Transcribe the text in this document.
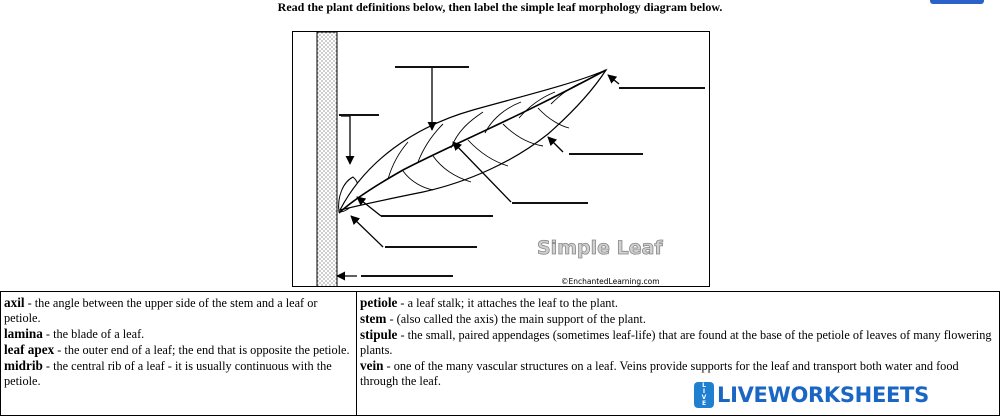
Read the plant definitions below, then label the simple leaf morphology diagram below.
Simple Leaf
©EnchantedLearning.com
axil - the angle between the upper side of the stem and a leaf or petiole.
lamina - the blade of a leaf.
leaf apex - the outer end of a leaf; the end that is opposite the petiole.
midrib - the central rib of a leaf - it is usually continuous with the petiole.
petiole - a leaf stalk; it attaches the leaf to the plant.
stem - (also called the axis) the main support of the plant.
stipule - the small, paired appendages (sometimes leaf-life) that are found at the base of the petiole of leaves of many flowering plants.
vein - one of the many vascular structures on a leaf. Veins provide supports for the leaf and transport both water and food through the leaf.	L
I
V
E LIVEWORKSHEETS
